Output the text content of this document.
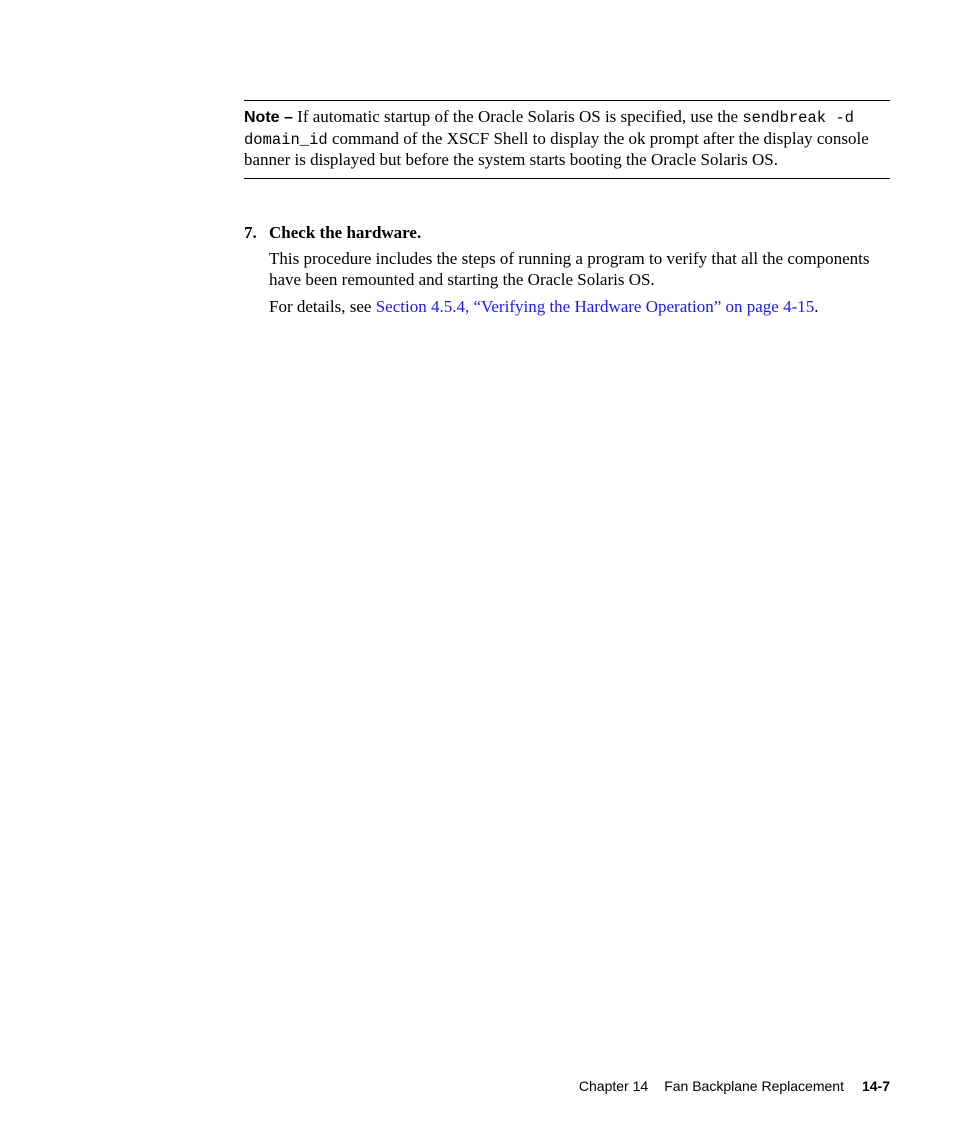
Note – If automatic startup of the Oracle Solaris OS is specified, use the sendbreak -d domain_id command of the XSCF Shell to display the ok prompt after the display console banner is displayed but before the system starts booting the Oracle Solaris OS.

7. Check the hardware.

This procedure includes the steps of running a program to verify that all the components have been remounted and starting the Oracle Solaris OS.

For details, see Section 4.5.4, “Verifying the Hardware Operation” on page 4-15.

Chapter 14 Fan Backplane Replacement 14-7
